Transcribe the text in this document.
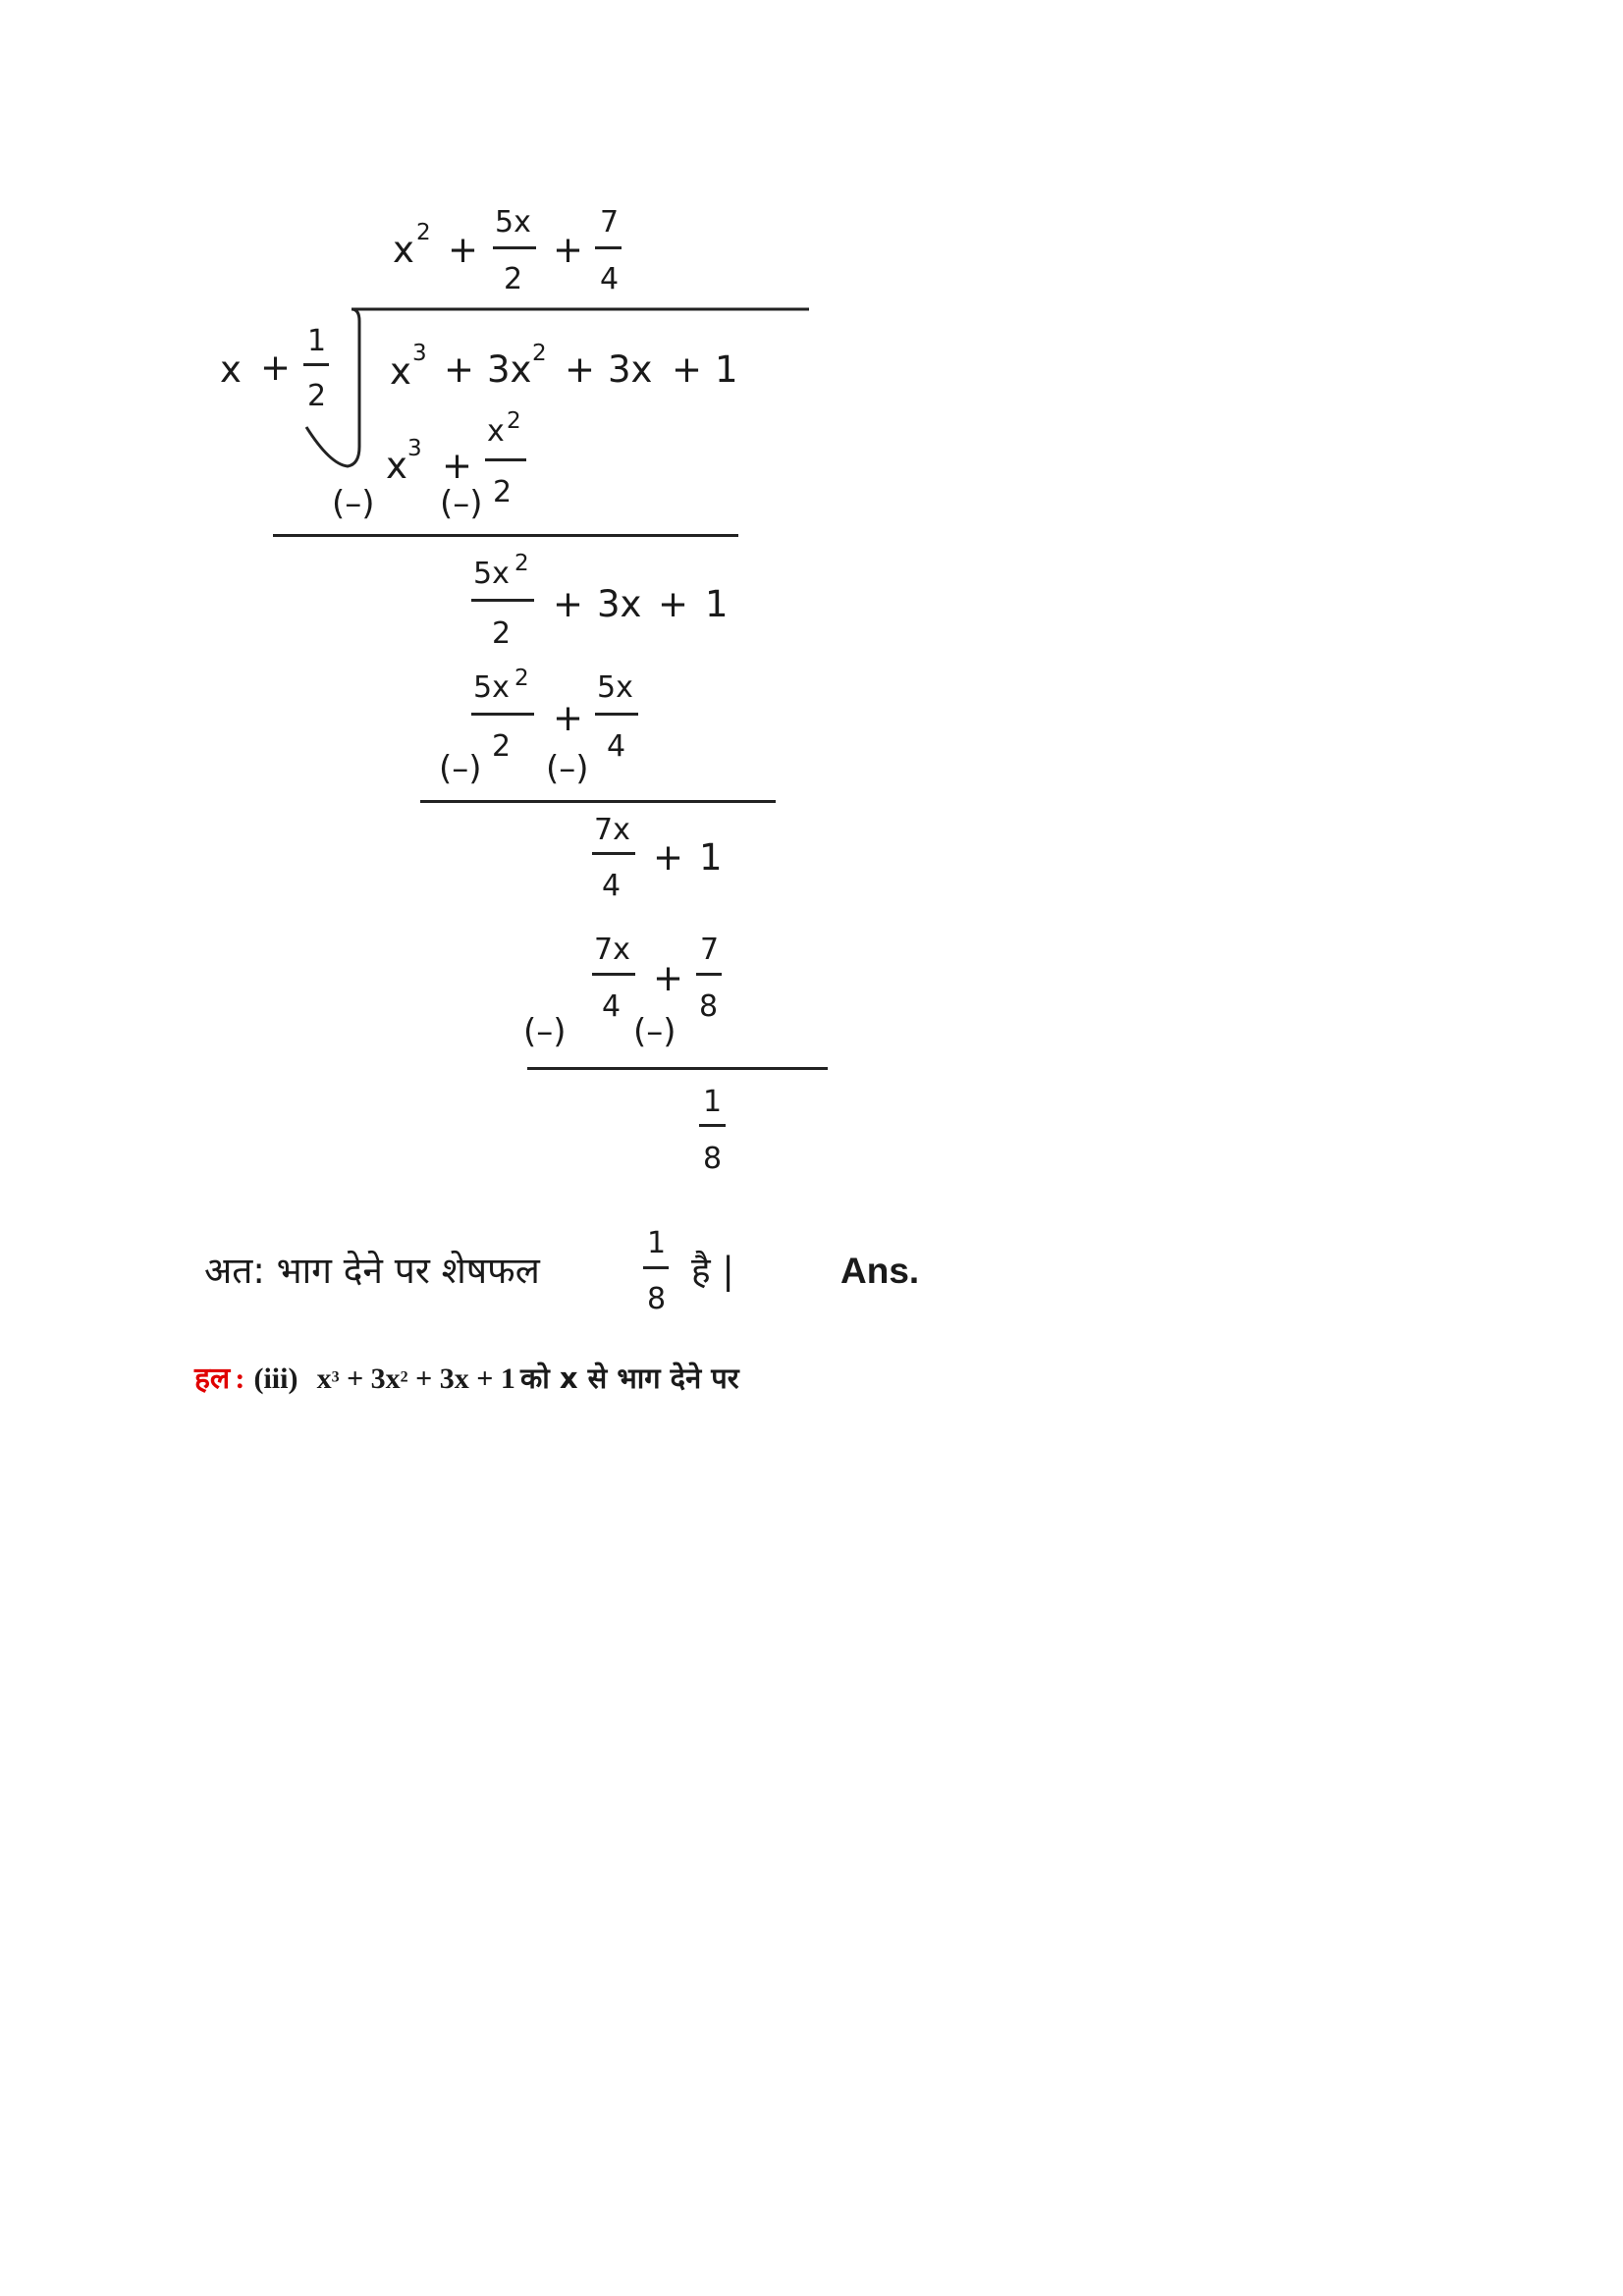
x 2 +
5x
2
+
7
4
x +
1
2
x 3 + 3x 2 + 3x + 1
x 3 +
x 2
2
(–) (–)
5x 2
2
+ 3x + 1
5x 2
2
+
5x
4
(–) (–)
7x
4
+ 1
7x
4
+
7
8
(–) (–)
1
8
अत: भाग देने पर शेषफल
1
8
है |	Ans.
हल : (iii) $x^3 + 3x^2 + 3x + 1$ को x से भाग देने पर
